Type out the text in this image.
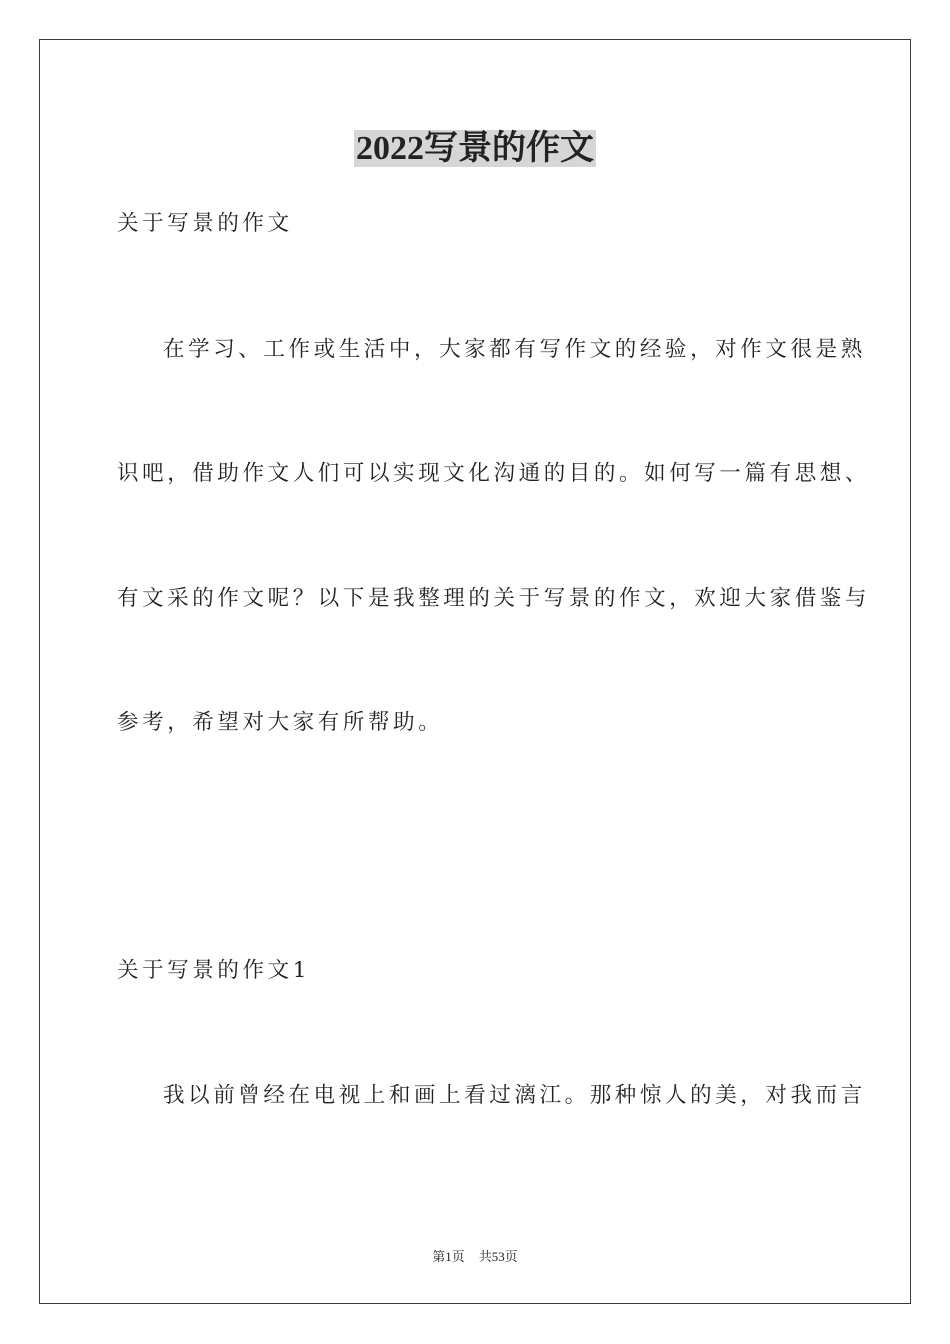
2022写景的作文
关于写景的作文
在学习、工作或生活中，大家都有写作文的经验，对作文很是熟
识吧，借助作文人们可以实现文化沟通的目的。如何写一篇有思想、
有文采的作文呢？以下是我整理的关于写景的作文，欢迎大家借鉴与
参考，希望对大家有所帮助。
关于写景的作文1
我以前曾经在电视上和画上看过漓江。那种惊人的美，对我而言
第1页 共53页
